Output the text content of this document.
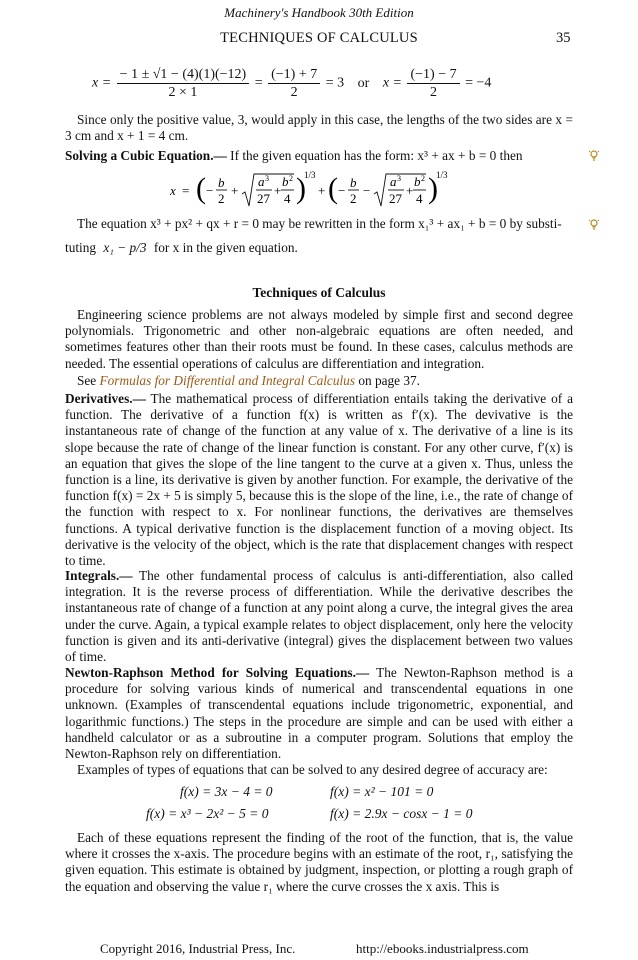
Machinery's Handbook 30th Edition
TECHNIQUES OF CALCULUS	35
$x = \frac{- 1 \pm √1 - (4)(1)(-12)}{2 \times 1} = \frac{(-1) + 7}{2} = 3$ or $x = \frac{(-1) - 7}{2} = -4$
Since only the positive value, 3, would apply in this case, the lengths of the two sides are x = 3 cm and x + 1 = 4 cm.
Solving a Cubic Equation.— If the given equation has the form: x³ + ax + b = 0 then
x = ( −
b
2
+
a 3
27
+
b 2
4 )
1/3
+ ( −
b
2
−
a 3
27
+
b 2
4 )
1/3
The equation x³ + px² + qx + r = 0 may be rewritten in the form x₁³ + ax₁ + b = 0 by substi-
tuting x₁ − p/3 for x in the given equation.
Techniques of Calculus
Engineering science problems are not always modeled by simple first and second degree polynomials. Trigonometric and other non-algebraic equations are often needed, and sometimes features other than their roots must be found. In these cases, calculus methods are needed. The essential operations of calculus are differentiation and integration.
See Formulas for Differential and Integral Calculus on page 37.
Derivatives.— The mathematical process of differentiation entails taking the derivative of a function. The derivative of a function f(x) is written as f′(x). The devivative is the instantaneous rate of change of the function at any value of x. The derivative of a line is its slope because the rate of change of the linear function is constant. For any other curve, f′(x) is an equation that gives the slope of the line tangent to the curve at a given x. Thus, unless the function is a line, its derivative is given by another function. For example, the derivative of the function f(x) = 2x + 5 is simply 5, because this is the slope of the line, i.e., the rate of change of the function with respect to x. For nonlinear functions, the derivatives are themselves functions. A typical derivative function is the displacement function of a moving object. Its derivative is the velocity of the object, which is the rate that displacement changes with respect to time.
Integrals.— The other fundamental process of calculus is anti-differentiation, also called integration. It is the reverse process of differentiation. While the derivative describes the instantaneous rate of change of a function at any point along a curve, the integral gives the area under the curve. Again, a typical example relates to object displacement, only here the velocity function is given and its anti-derivative (integral) gives the displacement between two values of time.
Newton-Raphson Method for Solving Equations.— The Newton-Raphson method is a procedure for solving various kinds of numerical and transcendental equations in one unknown. (Examples of transcendental equations include trigonometric, exponential, and logarithmic functions.) The steps in the procedure are simple and can be used with either a handheld calculator or as a subroutine in a computer program. Solutions that employ the Newton-Raphson rely on differentiation.
Examples of types of equations that can be solved to any desired degree of accuracy are:
f(x) = 3x − 4 = 0	f(x) = x² − 101 = 0
f(x) = x³ − 2x² − 5 = 0	f(x) = 2.9x − cosx − 1 = 0
Each of these equations represent the finding of the root of the function, that is, the value where it crosses the x-axis. The procedure begins with an estimate of the root, r₁, satisfying the given equation. This estimate is obtained by judgment, inspection, or plotting a rough graph of the equation and observing the value r₁ where the curve crosses the x axis. This is
Copyright 2016, Industrial Press, Inc.	http://ebooks.industrialpress.com
